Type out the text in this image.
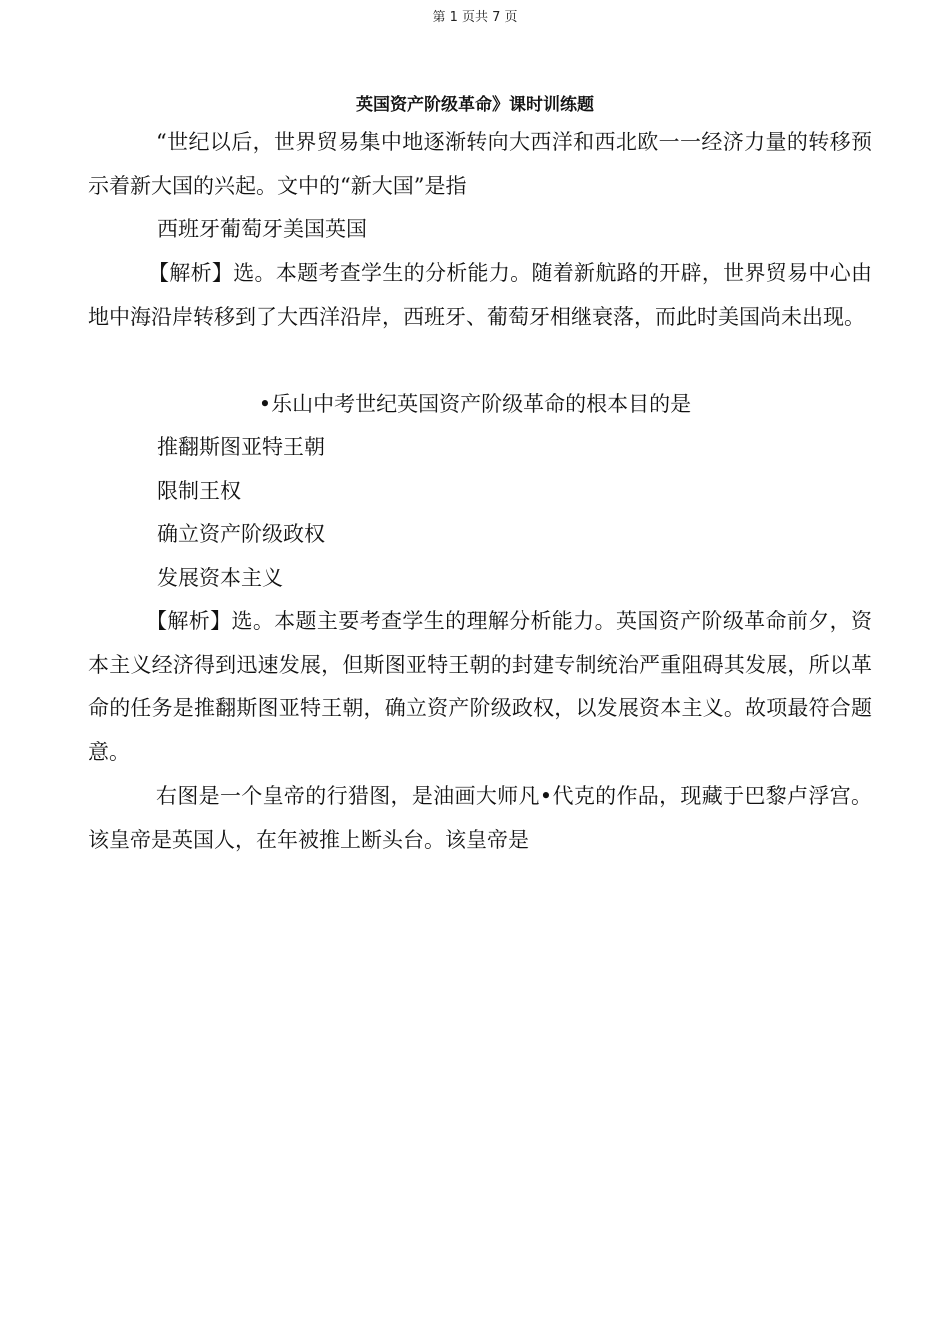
第 1 页共 7 页
英国资产阶级革命》课时训练题
“世纪以后，世界贸易集中地逐渐转向大西洋和西北欧一一经济力量的转移预示着新大国的兴起。文中的“新大国”是指
西班牙葡萄牙美国英国
【解析】选。本题考查学生的分析能力。随着新航路的开辟，世界贸易中心由地中海沿岸转移到了大西洋沿岸，西班牙、葡萄牙相继衰落，而此时美国尚未出现。
•乐山中考世纪英国资产阶级革命的根本目的是
推翻斯图亚特王朝
限制王权
确立资产阶级政权
发展资本主义
【解析】选。本题主要考查学生的理解分析能力。英国资产阶级革命前夕，资本主义经济得到迅速发展，但斯图亚特王朝的封建专制统治严重阻碍其发展，所以革命的任务是推翻斯图亚特王朝，确立资产阶级政权，以发展资本主义。故项最符合题意。
右图是一个皇帝的行猎图，是油画大师凡•代克的作品，现藏于巴黎卢浮宫。该皇帝是英国人，在年被推上断头台。该皇帝是
